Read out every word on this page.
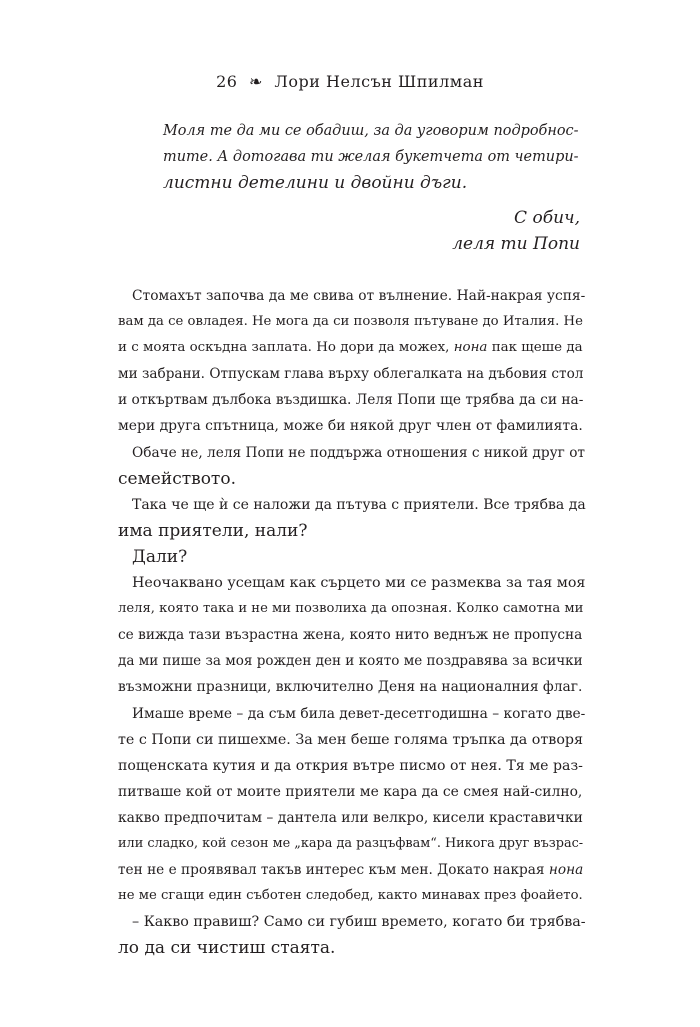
26 ❧ Лори Нелсън Шпилман
Моля те да ми се обадиш, за да уговорим подробнос-
тите. А дотогава ти желая букетчета от четири-
листни детелини и двойни дъги.
С обич,
леля ти Попи
Стомахът започва да ме свива от вълнение. Най-накрая успя-
вам да се овладея. Не мога да си позволя пътуване до Италия. Не
и с моята оскъдна заплата. Но дори да можех, нона пак щеше да
ми забрани. Отпускам глава върху облегалката на дъбовия стол
и откъртвам дълбока въздишка. Леля Попи ще трябва да си на-
мери друга спътница, може би някой друг член от фамилията.
Обаче не, леля Попи не поддържа отношения с никой друг от
семейството.
Така че ще ѝ се наложи да пътува с приятели. Все трябва да
има приятели, нали?
Дали?
Неочаквано усещам как сърцето ми се размеква за тая моя
леля, която така и не ми позволиха да опозная. Колко самотна ми
се вижда тази възрастна жена, която нито веднъж не пропусна
да ми пише за моя рожден ден и която ме поздравява за всички
възможни празници, включително Деня на националния флаг.
Имаше време – да съм била девет-десетгодишна – когато две-
те с Попи си пишехме. За мен беше голяма тръпка да отворя
пощенската кутия и да открия вътре писмо от нея. Тя ме раз-
питваше кой от моите приятели ме кара да се смея най-силно,
какво предпочитам – дантела или велкро, кисели краставички
или сладко, кой сезон ме „кара да разцъфвам“. Никога друг възрас-
тен не е проявявал такъв интерес към мен. Докато накрая нона
не ме сгащи един съботен следобед, както минавах през фоайето.
– Какво правиш? Само си губиш времето, когато би трябва-
ло да си чистиш стаята.
